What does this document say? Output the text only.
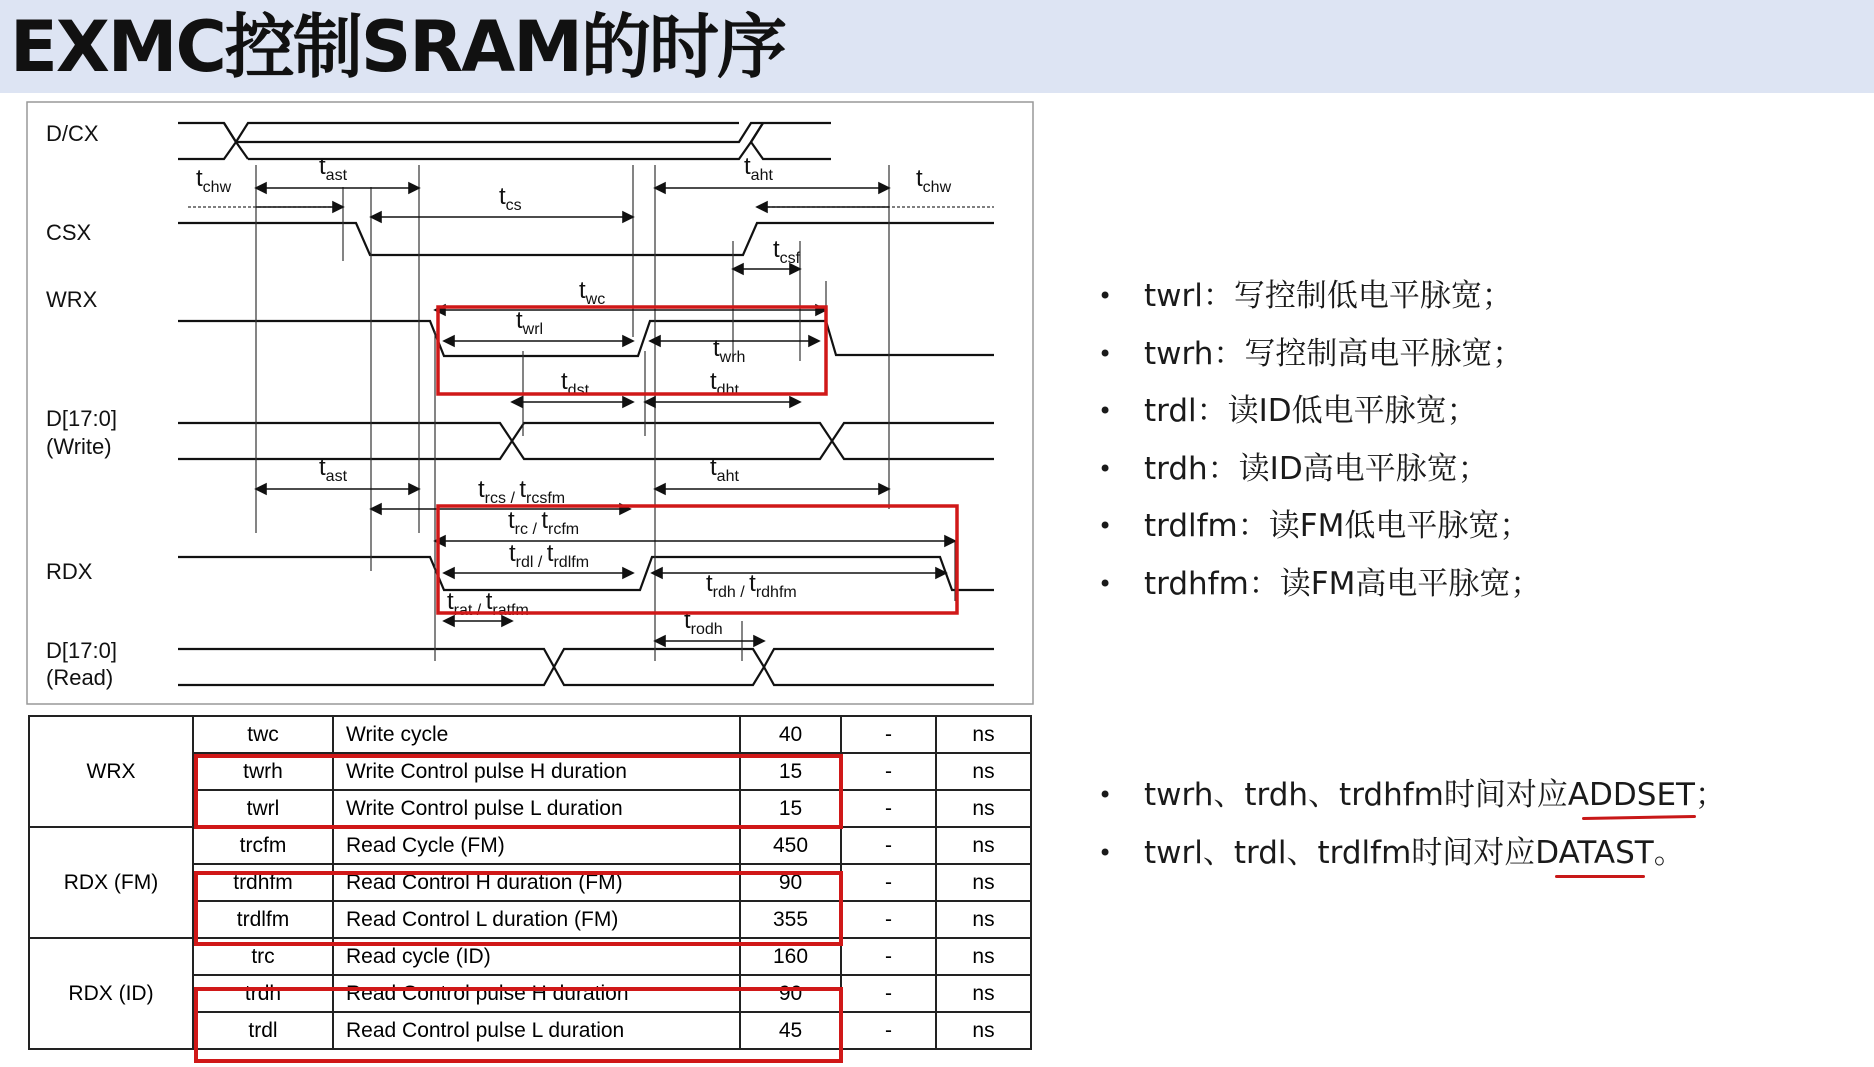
EXMC控制SRAM的时序
D/CX
CSX
WRX
D[17:0]
(Write)
RDX
D[17:0]
(Read)
$t_{chw}$
$t_{ast}$
$t_{cs}$
$t_{aht}$	$t_{chw}$
$t_{csf}$
$t_{wc}$
$t_{wrl}$
$t_{wrh}$
$t_{dst}$	$t_{dht}$
$t_{ast}$	$t_{rcs} / t_{rcsfm}$
$t_{aht}$
$t_{rc} / t_{rcfm}$
$t_{rdl} / t_{rdlfm}$
$t_{rdh} / t_{rdhfm}$
$t_{rat} / t_{ratfm}$	$t_{rodh}$
WRX	twc	Write cycle	40	-	ns
	twrh	Write Control pulse H duration	15	-	ns
	twrl	Write Control pulse L duration	15	-	ns
RDX (FM)	trcfm	Read Cycle (FM)	450	-	ns
	trdhfm	Read Control H duration (FM)	90	-	ns
	trdlfm	Read Control L duration (FM)	355	-	ns
RDX (ID)	trc	Read cycle (ID)	160	-	ns
	trdh	Read Control pulse H duration	90	-	ns
	trdl	Read Control pulse L duration	45	-	ns
• twrl：写控制低电平脉宽；
• twrh：写控制高电平脉宽；
• trdl：读ID低电平脉宽；
• trdh：读ID高电平脉宽；
• trdlfm：读FM低电平脉宽；
• trdhfm：读FM高电平脉宽；
• twrh、trdh、trdhfm时间对应ADDSET；
• twrl、trdl、trdlfm时间对应DATAST。
